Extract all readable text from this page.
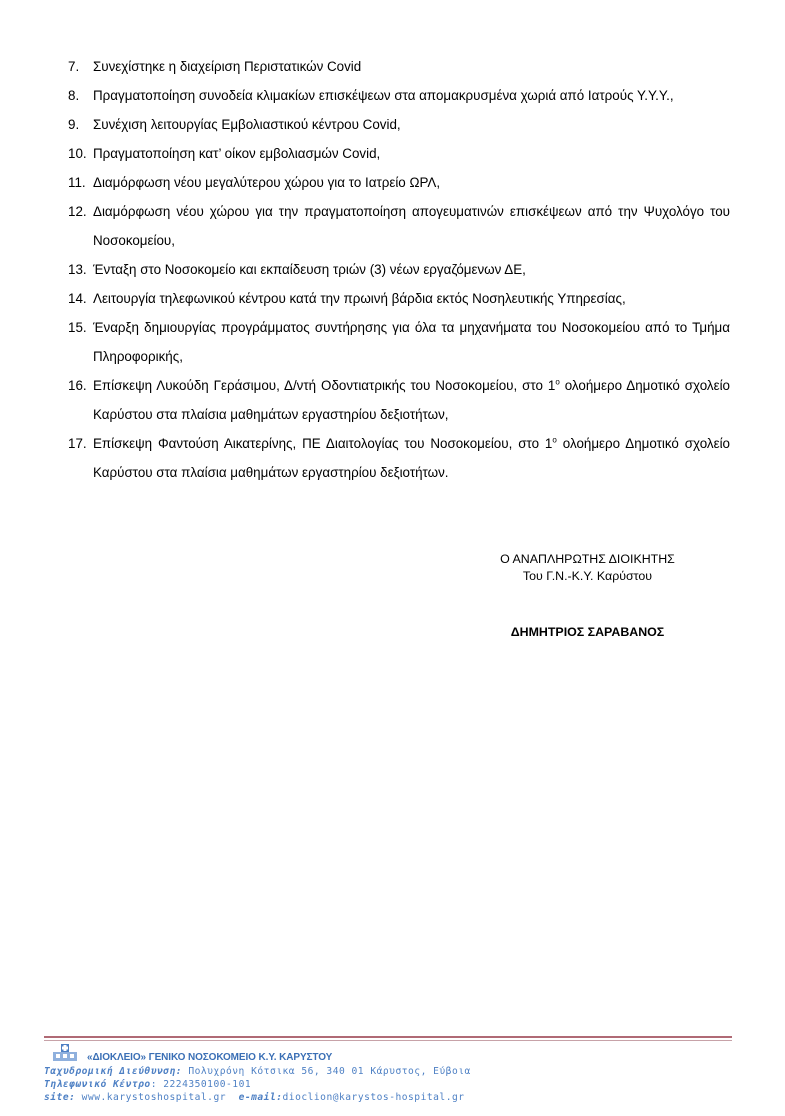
7.	Συνεχίστηκε η διαχείριση Περιστατικών Covid
8.	Πραγματοποίηση συνοδεία κλιμακίων επισκέψεων στα απομακρυσμένα χωριά από Ιατρούς Υ.Υ.Υ.,
9.	Συνέχιση λειτουργίας Εμβολιαστικού κέντρου Covid,
10. Πραγματοποίηση κατ’ οίκον εμβολιασμών Covid,
11. Διαμόρφωση νέου μεγαλύτερου χώρου για το Ιατρείο ΩΡΛ,
12. Διαμόρφωση νέου χώρου για την πραγματοποίηση απογευματινών επισκέψεων από την Ψυχολόγο του Νοσοκομείου,
13. Ένταξη στο Νοσοκομείο και εκπαίδευση τριών (3) νέων εργαζόμενων ΔΕ,
14. Λειτουργία τηλεφωνικού κέντρου κατά την πρωινή βάρδια εκτός Νοσηλευτικής Υπηρεσίας,
15. Έναρξη δημιουργίας προγράμματος συντήρησης για όλα τα μηχανήματα του Νοσοκομείου από το Τμήμα Πληροφορικής,
16. Επίσκεψη Λυκούδη Γεράσιμου, Δ/ντή Οδοντιατρικής του Νοσοκομείου, στο $1^o$ ολοήμερο Δημοτικό σχολείο Καρύστου στα πλαίσια μαθημάτων εργαστηρίου δεξιοτήτων,
17. Επίσκεψη Φαντούση Αικατερίνης, ΠΕ Διαιτολογίας του Νοσοκομείου, στο $1^o$ ολοήμερο Δημοτικό σχολείο Καρύστου στα πλαίσια μαθημάτων εργαστηρίου δεξιοτήτων.
Ο ΑΝΑΠΛΗΡΩΤΗΣ ΔΙΟΙΚΗΤΗΣ
Του Γ.Ν.-Κ.Υ. Καρύστου
ΔΗΜΗΤΡΙΟΣ ΣΑΡΑΒΑΝΟΣ
«ΔΙΟΚΛΕΙΟ» ΓΕΝΙΚΟ ΝΟΣΟΚΟΜΕΙΟ Κ.Υ. ΚΑΡΥΣΤΟΥ
Ταχυδρομική Διεύθυνση: Πολυχρόνη Κότσικα 56, 340 01 Κάρυστος, Εύβοια
Τηλεφωνικό Κέντρο: 2224350100-101
site: www.karystoshospital.gr e-mail:dioclion@karystos-hospital.gr
